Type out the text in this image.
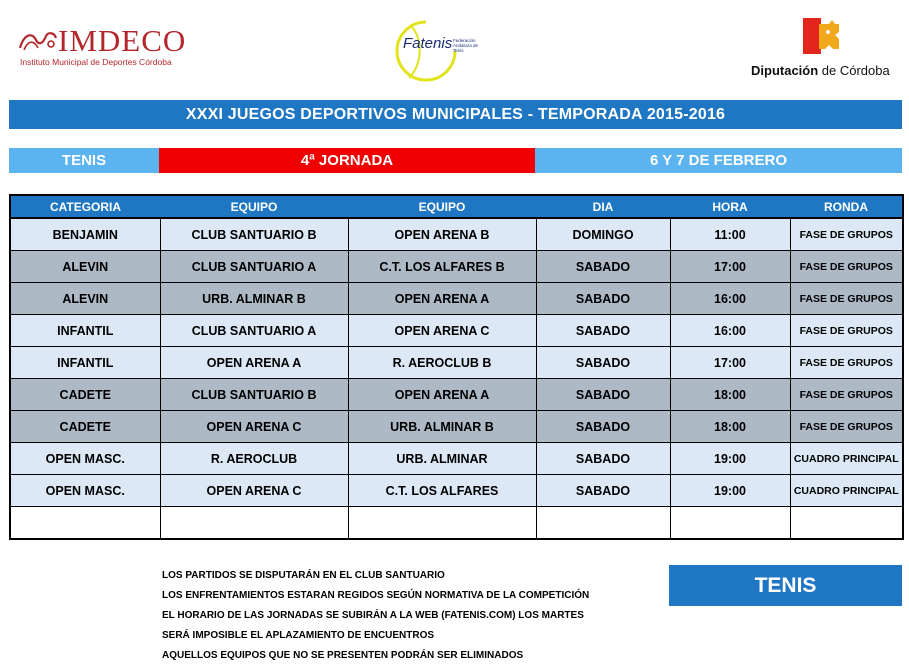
IMDECO
Instituto Municipal de Deportes Córdoba
Fatenis Federación Andaluza de Tenis
Diputación de Córdoba
XXXI JUEGOS DEPORTIVOS MUNICIPALES - TEMPORADA 2015-2016
TENIS	4ª JORNADA	6 Y 7 DE FEBRERO
CATEGORIA	EQUIPO	EQUIPO	DIA	HORA	RONDA
BENJAMIN	CLUB SANTUARIO B	OPEN ARENA B	DOMINGO	11:00	FASE DE GRUPOS
ALEVIN	CLUB SANTUARIO A	C.T. LOS ALFARES B	SABADO	17:00	FASE DE GRUPOS
ALEVIN	URB. ALMINAR B	OPEN ARENA A	SABADO	16:00	FASE DE GRUPOS
INFANTIL	CLUB SANTUARIO A	OPEN ARENA C	SABADO	16:00	FASE DE GRUPOS
INFANTIL	OPEN ARENA A	R. AEROCLUB B	SABADO	17:00	FASE DE GRUPOS
CADETE	CLUB SANTUARIO B	OPEN ARENA A	SABADO	18:00	FASE DE GRUPOS
CADETE	OPEN ARENA C	URB. ALMINAR B	SABADO	18:00	FASE DE GRUPOS
OPEN MASC.	R. AEROCLUB	URB. ALMINAR	SABADO	19:00	CUADRO PRINCIPAL
OPEN MASC.	OPEN ARENA C	C.T. LOS ALFARES	SABADO	19:00	CUADRO PRINCIPAL

LOS PARTIDOS SE DISPUTARÁN EN EL CLUB SANTUARIO
LOS ENFRENTAMIENTOS ESTARAN REGIDOS SEGÚN NORMATIVA DE LA COMPETICIÓN
EL HORARIO DE LAS JORNADAS SE SUBIRÁN A LA WEB (FATENIS.COM) LOS MARTES
SERÁ IMPOSIBLE EL APLAZAMIENTO DE ENCUENTROS
AQUELLOS EQUIPOS QUE NO SE PRESENTEN PODRÁN SER ELIMINADOS
TENIS
